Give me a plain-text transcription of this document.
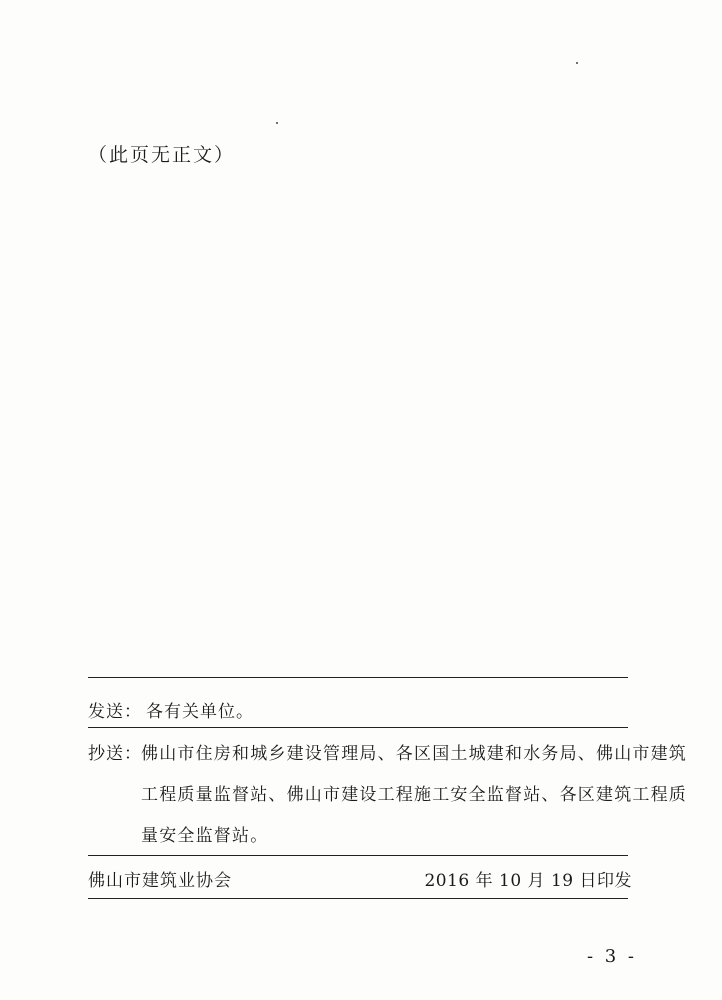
（此页无正文）
发送： 各有关单位。
抄送： 佛山市住房和城乡建设管理局、各区国土城建和水务局、佛山市建筑
工程质量监督站、佛山市建设工程施工安全监督站、各区建筑工程质
量安全监督站。
佛山市建筑业协会	2016 年 10 月 19 日印发
- 3 -
